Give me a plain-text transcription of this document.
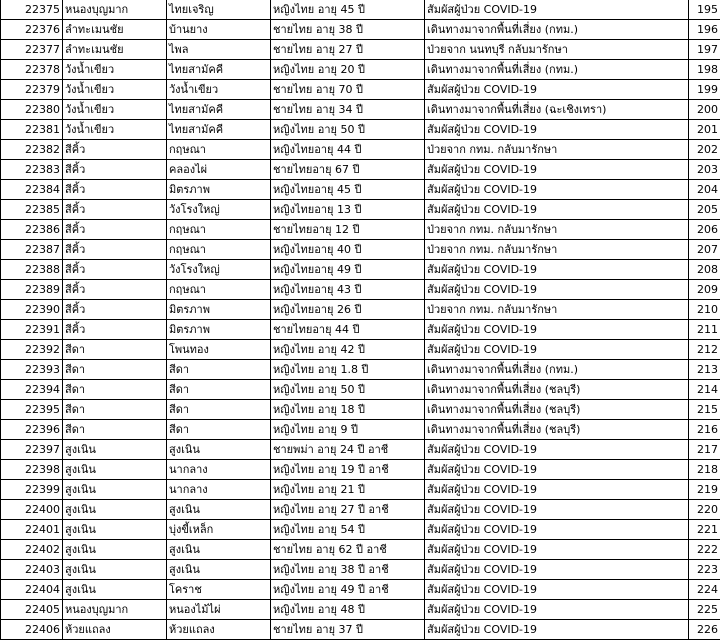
22375	หนองบุญมาก	ไทยเจริญ	หญิงไทย อายุ 45 ปี	สัมผัสผู้ป่วย COVID-19	195
22376	ลำทะเมนชัย	บ้านยาง	ชายไทย อายุ 38 ปี	เดินทางมาจากพื้นที่เสี่ยง (กทม.)	196
22377	ลำทะเมนชัย	ไพล	ชายไทย อายุ 27 ปี	ป่วยจาก นนทบุรี กลับมารักษา	197
22378	วังน้ำเขียว	ไทยสามัคคี	หญิงไทย อายุ 20 ปี	เดินทางมาจากพื้นที่เสี่ยง (กทม.)	198
22379	วังน้ำเขียว	วังน้ำเขียว	ชายไทย อายุ 70 ปี	สัมผัสผู้ป่วย COVID-19	199
22380	วังน้ำเขียว	ไทยสามัคคี	ชายไทย อายุ 34 ปี	เดินทางมาจากพื้นที่เสี่ยง (ฉะเชิงเทรา)	200
22381	วังน้ำเขียว	ไทยสามัคคี	หญิงไทย อายุ 50 ปี	สัมผัสผู้ป่วย COVID-19	201
22382	สีคิ้ว	กฤษณา	หญิงไทยอายุ 44 ปี	ป่วยจาก กทม. กลับมารักษา	202
22383	สีคิ้ว	คลองไผ่	ชายไทยอายุ 67 ปี	สัมผัสผู้ป่วย COVID-19	203
22384	สีคิ้ว	มิตรภาพ	หญิงไทยอายุ 45 ปี	สัมผัสผู้ป่วย COVID-19	204
22385	สีคิ้ว	วังโรงใหญ่	หญิงไทยอายุ 13 ปี	สัมผัสผู้ป่วย COVID-19	205
22386	สีคิ้ว	กฤษณา	ชายไทยอายุ 12 ปี	ป่วยจาก กทม. กลับมารักษา	206
22387	สีคิ้ว	กฤษณา	หญิงไทยอายุ 40 ปี	ป่วยจาก กทม. กลับมารักษา	207
22388	สีคิ้ว	วังโรงใหญ่	หญิงไทยอายุ 49 ปี	สัมผัสผู้ป่วย COVID-19	208
22389	สีคิ้ว	กฤษณา	หญิงไทยอายุ 43 ปี	สัมผัสผู้ป่วย COVID-19	209
22390	สีคิ้ว	มิตรภาพ	หญิงไทยอายุ 26 ปี	ป่วยจาก กทม. กลับมารักษา	210
22391	สีคิ้ว	มิตรภาพ	ชายไทยอายุ 44 ปี	สัมผัสผู้ป่วย COVID-19	211
22392	สีดา	โพนทอง	หญิงไทย อายุ 42 ปี	สัมผัสผู้ป่วย COVID-19	212
22393	สีดา	สีดา	หญิงไทย อายุ 1.8 ปี	เดินทางมาจากพื้นที่เสี่ยง (กทม.)	213
22394	สีดา	สีดา	หญิงไทย อายุ 50 ปี	เดินทางมาจากพื้นที่เสี่ยง (ชลบุรี)	214
22395	สีดา	สีดา	หญิงไทย อายุ 18 ปี	เดินทางมาจากพื้นที่เสี่ยง (ชลบุรี)	215
22396	สีดา	สีดา	หญิงไทย อายุ 9 ปี	เดินทางมาจากพื้นที่เสี่ยง (ชลบุรี)	216
22397	สูงเนิน	สูงเนิน	ชายพม่า อายุ 24 ปี อาชี	สัมผัสผู้ป่วย COVID-19	217
22398	สูงเนิน	นากลาง	หญิงไทย อายุ 19 ปี อาชี	สัมผัสผู้ป่วย COVID-19	218
22399	สูงเนิน	นากลาง	หญิงไทย อายุ 21 ปี	สัมผัสผู้ป่วย COVID-19	219
22400	สูงเนิน	สูงเนิน	หญิงไทย อายุ 27 ปี อาชี	สัมผัสผู้ป่วย COVID-19	220
22401	สูงเนิน	บุ่งขี้เหล็ก	หญิงไทย อายุ 54 ปี	สัมผัสผู้ป่วย COVID-19	221
22402	สูงเนิน	สูงเนิน	ชายไทย อายุ 62 ปี อาชี	สัมผัสผู้ป่วย COVID-19	222
22403	สูงเนิน	สูงเนิน	หญิงไทย อายุ 38 ปี อาชี	สัมผัสผู้ป่วย COVID-19	223
22404	สูงเนิน	โคราช	หญิงไทย อายุ 49 ปี อาชี	สัมผัสผู้ป่วย COVID-19	224
22405	หนองบุญมาก	หนองไม้ไผ่	หญิงไทย อายุ 48 ปี	สัมผัสผู้ป่วย COVID-19	225
22406	ห้วยแถลง	ห้วยแถลง	ชายไทย อายุ 37 ปี	สัมผัสผู้ป่วย COVID-19	226
